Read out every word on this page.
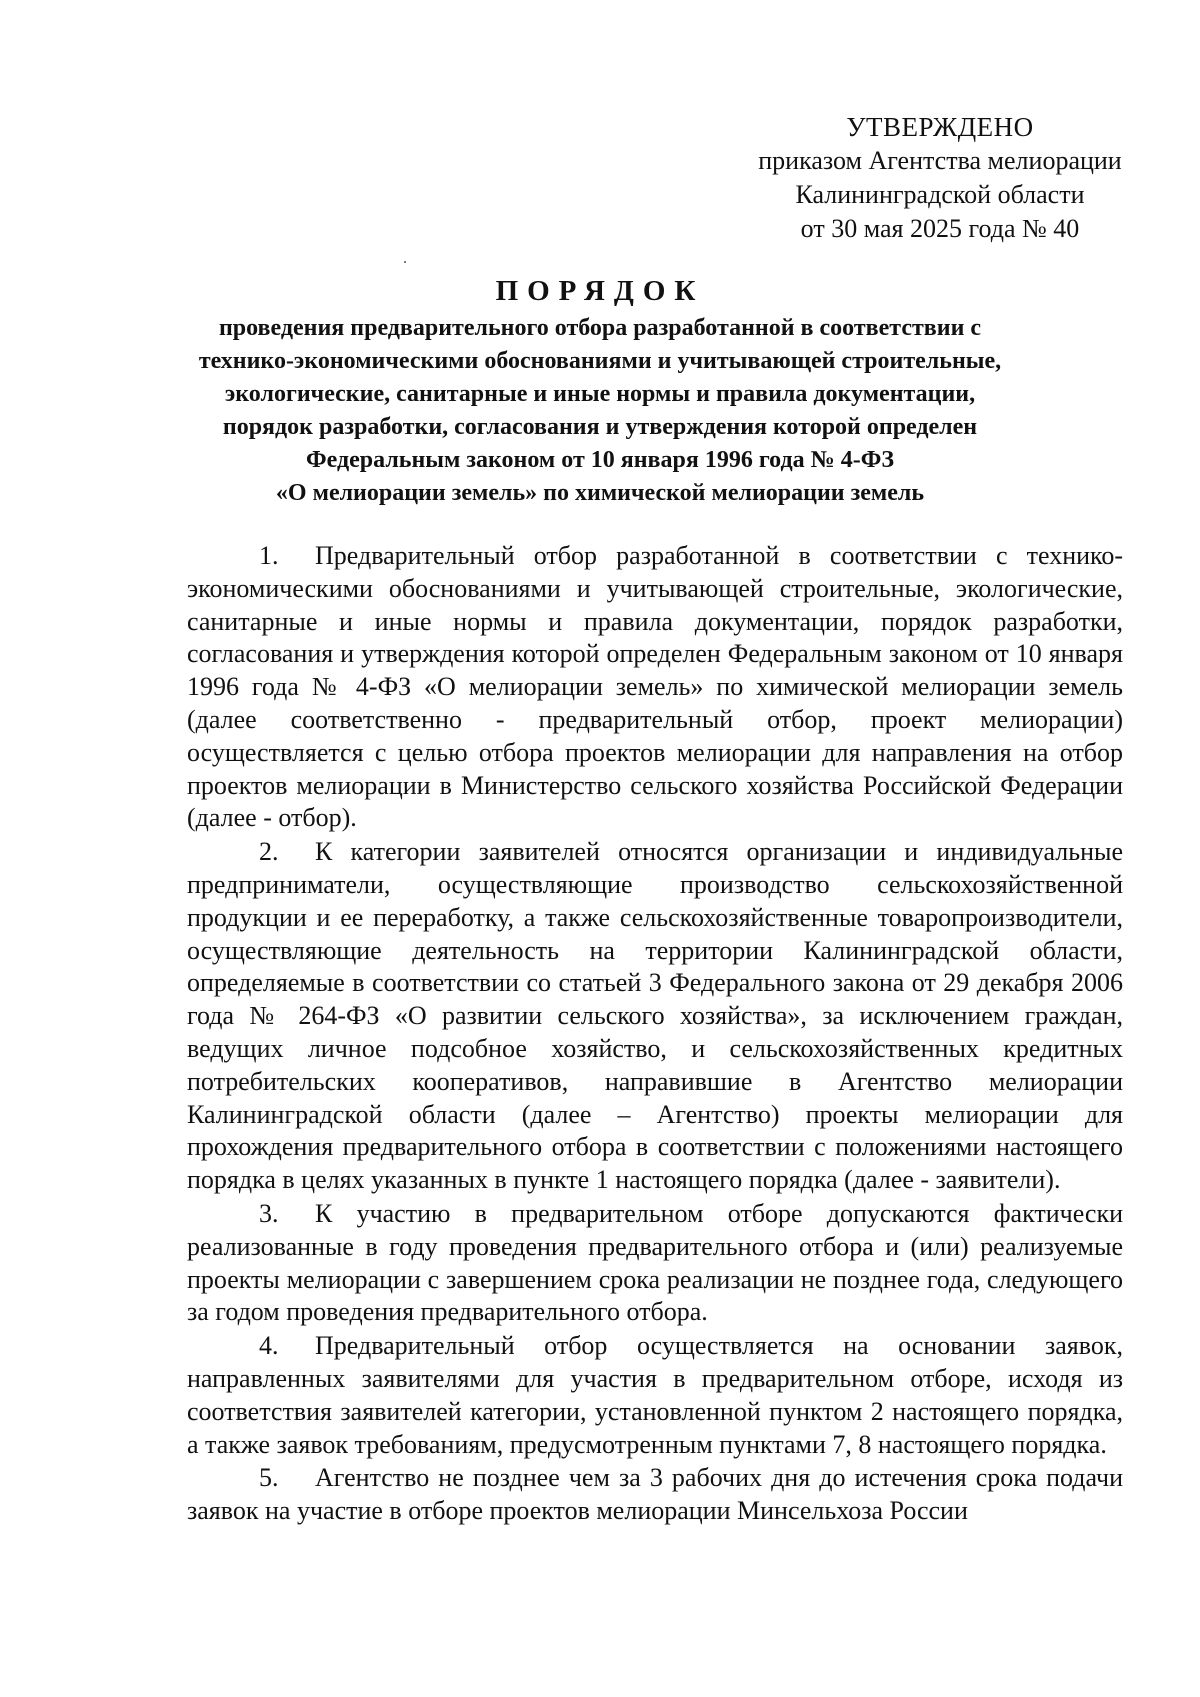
УТВЕРЖДЕНО
приказом Агентства мелиорации
Калининградской области
от 30 мая 2025 года № 40
ПОРЯДОК
проведения предварительного отбора разработанной в соответствии с
технико-экономическими обоснованиями и учитывающей строительные,
экологические, санитарные и иные нормы и правила документации,
порядок разработки, согласования и утверждения которой определен
Федеральным законом от 10 января 1996 года № 4-ФЗ
«О мелиорации земель» по химической мелиорации земель

1. Предварительный отбор разработанной в соответствии с технико-экономическими обоснованиями и учитывающей строительные, экологические, санитарные и иные нормы и правила документации, порядок разработки, согласования и утверждения которой определен Федеральным законом от 10 января 1996 года № 4-ФЗ «О мелиорации земель» по химической мелиорации земель (далее соответственно - предварительный отбор, проект мелиорации) осуществляется с целью отбора проектов мелиорации для направления на отбор проектов мелиорации в Министерство сельского хозяйства Российской Федерации (далее - отбор).

2. К категории заявителей относятся организации и индивидуальные предприниматели, осуществляющие производство сельскохозяйственной продукции и ее переработку, а также сельскохозяйственные товаропроизводители, осуществляющие деятельность на территории Калининградской области, определяемые в соответствии со статьей 3 Федерального закона от 29 декабря 2006 года № 264-ФЗ «О развитии сельского хозяйства», за исключением граждан, ведущих личное подсобное хозяйство, и сельскохозяйственных кредитных потребительских кооперативов, направившие в Агентство мелиорации Калининградской области (далее – Агентство) проекты мелиорации для прохождения предварительного отбора в соответствии с положениями настоящего порядка в целях указанных в пункте 1 настоящего порядка (далее - заявители).

3. К участию в предварительном отборе допускаются фактически реализованные в году проведения предварительного отбора и (или) реализуемые проекты мелиорации с завершением срока реализации не позднее года, следующего за годом проведения предварительного отбора.

4. Предварительный отбор осуществляется на основании заявок, направленных заявителями для участия в предварительном отборе, исходя из соответствия заявителей категории, установленной пунктом 2 настоящего порядка, а также заявок требованиям, предусмотренным пунктами 7, 8 настоящего порядка.

5. Агентство не позднее чем за 3 рабочих дня до истечения срока подачи заявок на участие в отборе проектов мелиорации Минсельхоза России
